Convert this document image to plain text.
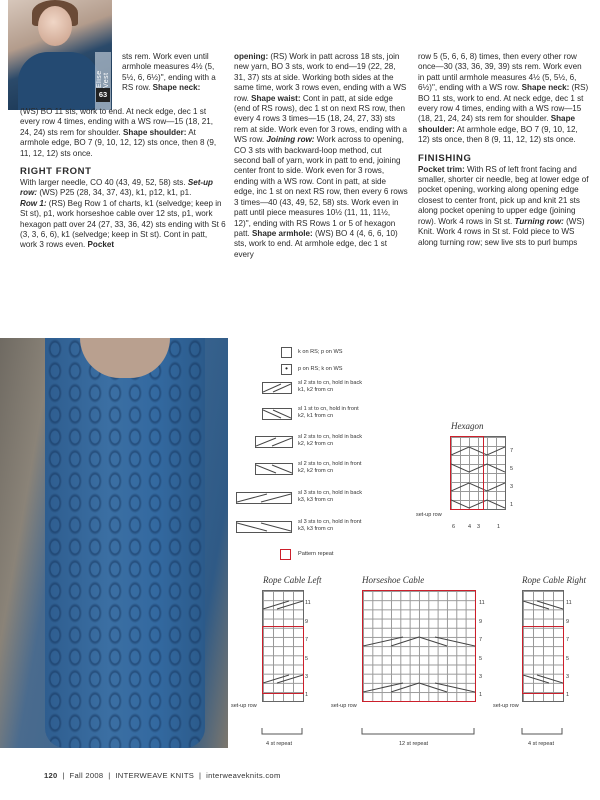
Elise Vest
63
sts rem. Work even until armhole measures 4½ (5, 5½, 6, 6½)", ending with a RS row. Shape neck:

(WS) BO 11 sts, work to end. At neck edge, dec 1 st every row 4 times, ending with a WS row—15 (18, 21, 24, 24) sts rem for shoulder. Shape shoulder: At armhole edge, BO 7 (9, 10, 12, 12) sts once, then 8 (9, 11, 12, 12) sts once.

RIGHT FRONT

With larger needle, CO 40 (43, 49, 52, 58) sts. Set-up row: (WS) P25 (28, 34, 37, 43), k1, p12, k1, p1.

Row 1: (RS) Beg Row 1 of charts, k1 (selvedge; keep in St st), p1, work horseshoe cable over 12 sts, p1, work hexagon patt over 24 (27, 33, 36, 42) sts ending with St 6 (3, 3, 6, 6), k1 (selvedge; keep in St st). Cont in patt, work 3 rows even. Pocket

opening: (RS) Work in patt across 18 sts, join new yarn, BO 3 sts, work to end—19 (22, 28, 31, 37) sts at side. Working both sides at the same time, work 3 rows even, ending with a WS row. Shape waist: Cont in patt, at side edge (end of RS rows), dec 1 st on next RS row, then every 4 rows 3 times—15 (18, 24, 27, 33) sts rem at side. Work even for 3 rows, ending with a WS row. Joining row: Work across to opening, CO 3 sts with backward-loop method, cut second ball of yarn, work in patt to end, joining center front to side. Work even for 3 rows, ending with a WS row. Cont in patt, at side edge, inc 1 st on next RS row, then every 6 rows 3 times—40 (43, 49, 52, 58) sts. Work even in patt until piece measures 10½ (11, 11, 11½, 12)", ending with RS Rows 1 or 5 of hexagon patt. Shape armhole: (WS) BO 4 (4, 6, 6, 10) sts, work to end. At armhole edge, dec 1 st every

row 5 (5, 6, 6, 8) times, then every other row once—30 (33, 36, 39, 39) sts rem. Work even in patt until armhole measures 4½ (5, 5½, 6, 6½)", ending with a WS row. Shape neck: (RS) BO 11 sts, work to end. At neck edge, dec 1 st every row 4 times, ending with a WS row—15 (18, 21, 24, 24) sts rem for shoulder. Shape shoulder: At armhole edge, BO 7 (9, 10, 12, 12) sts once, then 8 (9, 11, 12, 12) sts once.

FINISHING

Pocket trim: With RS of left front facing and smaller, shorter cir needle, beg at lower edge of pocket opening, working along opening edge closest to center front, pick up and knit 21 sts along pocket opening to upper edge (joining row). Work 4 rows in St st. Turning row: (WS) Knit. Work 4 rows in St st. Fold piece to WS along turning row; sew live sts to purl bumps

k on RS; p on WS
•	p on RS; k on WS
sl 2 sts to cn, hold in back
k1, k2 from cn
sl 1 st to cn, hold in front
k2, k1 from cn
sl 2 sts to cn, hold in back
k2, k2 from cn
sl 2 sts to cn, hold in front
k2, k2 from cn
sl 3 sts to cn, hold in back
k3, k3 from cn
sl 3 sts to cn, hold in front
k3, k3 from cn
Pattern repeat
Hexagon
7
5
3
1
set-up row
6 4 3	1
Rope Cable Left	Horseshoe Cable	Rope Cable Right
11
9
7
5
3
1
set-up row
4 st repeat
11
9
7
5
3
1
set-up row
12 st repeat
11
9
7
5
3
1
set-up row
4 st repeat
120  |  Fall 2008  |  INTERWEAVE KNITS  |  interweaveknits.com
